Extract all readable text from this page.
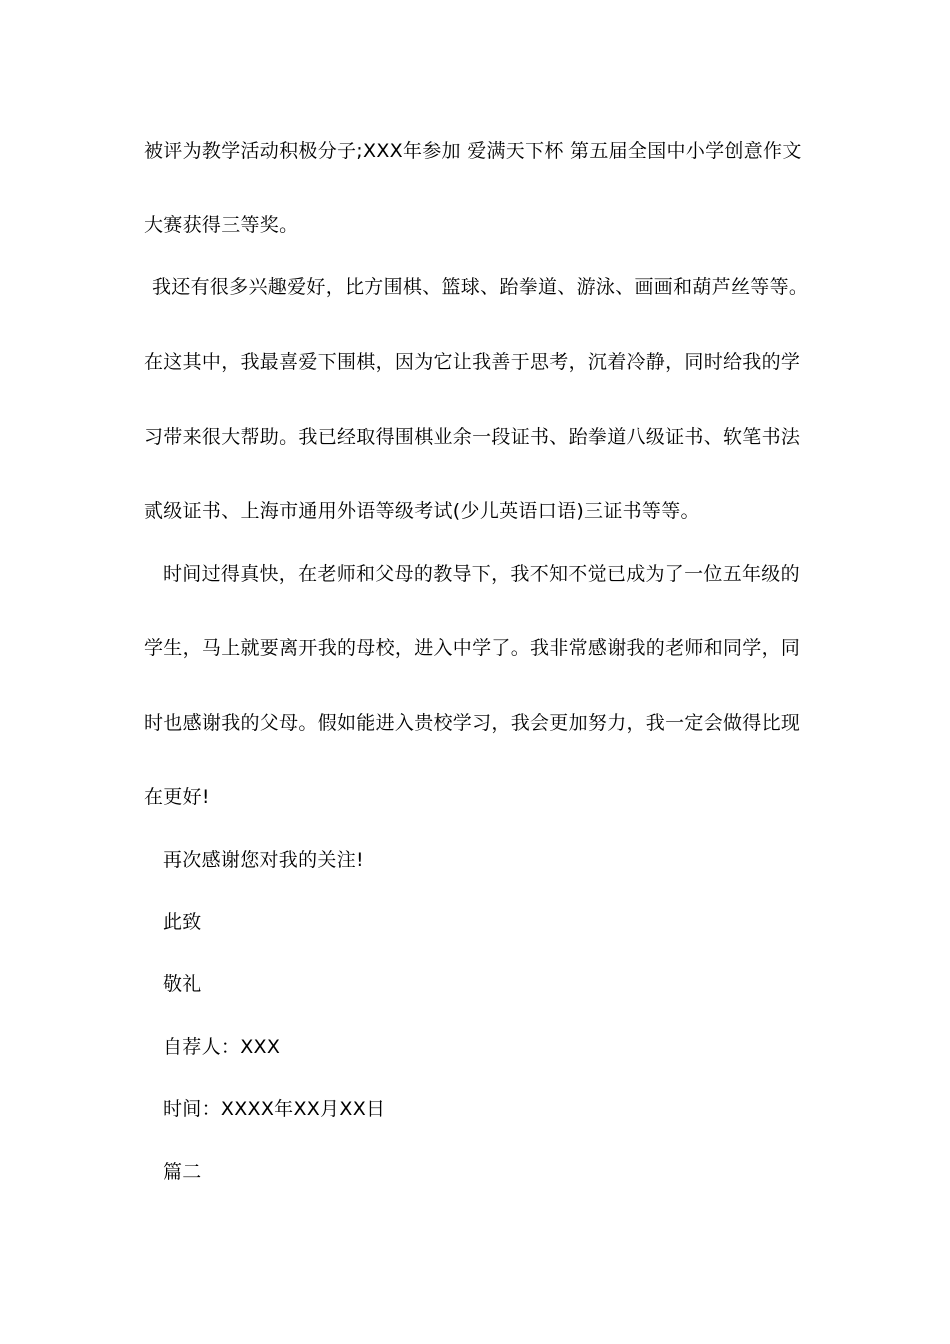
被评为教学活动积极分子;XXX年参加 爱满天下杯 第五届全国中小学创意作文
大赛获得三等奖。
我还有很多兴趣爱好，比方围棋、篮球、跆拳道、游泳、画画和葫芦丝等等。
在这其中，我最喜爱下围棋，因为它让我善于思考，沉着冷静，同时给我的学
习带来很大帮助。我已经取得围棋业余一段证书、跆拳道八级证书、软笔书法
贰级证书、上海市通用外语等级考试(少儿英语口语)三证书等等。
时间过得真快，在老师和父母的教导下，我不知不觉已成为了一位五年级的
学生，马上就要离开我的母校，进入中学了。我非常感谢我的老师和同学，同
时也感谢我的父母。假如能进入贵校学习，我会更加努力，我一定会做得比现
在更好!
再次感谢您对我的关注!
此致
敬礼
自荐人：XXX
时间：XXXX年XX月XX日
篇二
